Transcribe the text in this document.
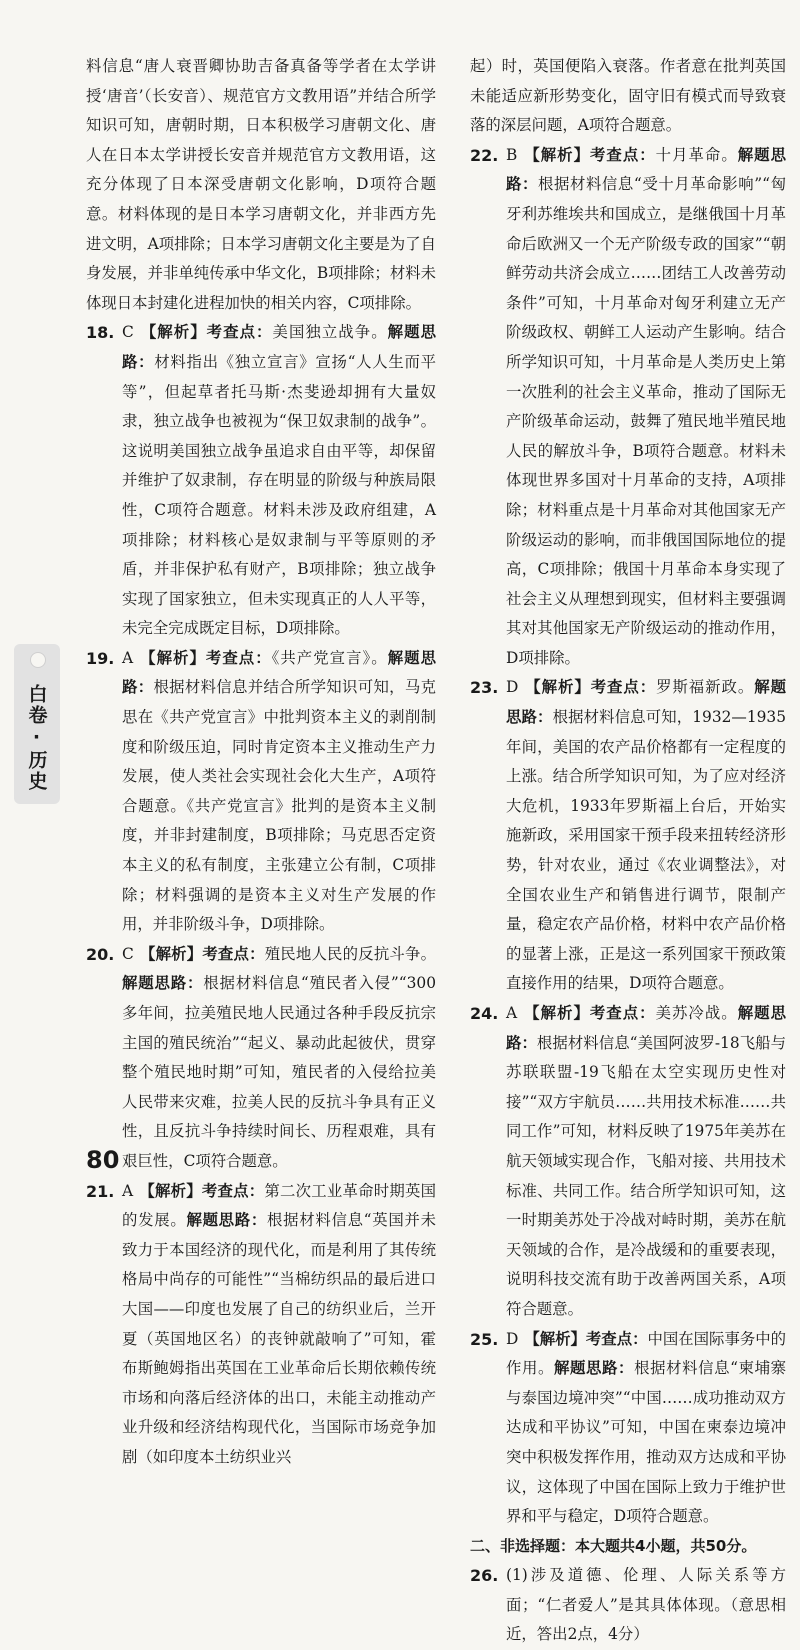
料信息“唐人衰晋卿协助吉备真备等学者在太学讲授‘唐音’（长安音）、规范官方文教用语”并结合所学知识可知，唐朝时期，日本积极学习唐朝文化、唐人在日本太学讲授长安音并规范官方文教用语，这充分体现了日本深受唐朝文化影响，D项符合题意。材料体现的是日本学习唐朝文化，并非西方先进文明，A项排除；日本学习唐朝文化主要是为了自身发展，并非单纯传承中华文化，B项排除；材料未体现日本封建化进程加快的相关内容，C项排除。

18. C 【解析】考查点：美国独立战争。解题思路：材料指出《独立宣言》宣扬“人人生而平等”，但起草者托马斯·杰斐逊却拥有大量奴隶，独立战争也被视为“保卫奴隶制的战争”。这说明美国独立战争虽追求自由平等，却保留并维护了奴隶制，存在明显的阶级与种族局限性，C项符合题意。材料未涉及政府组建，A项排除；材料核心是奴隶制与平等原则的矛盾，并非保护私有财产，B项排除；独立战争实现了国家独立，但未实现真正的人人平等，未完全完成既定目标，D项排除。
19. A 【解析】考查点：《共产党宣言》。解题思路：根据材料信息并结合所学知识可知，马克思在《共产党宣言》中批判资本主义的剥削制度和阶级压迫，同时肯定资本主义推动生产力发展，使人类社会实现社会化大生产，A项符合题意。《共产党宣言》批判的是资本主义制度，并非封建制度，B项排除；马克思否定资本主义的私有制度，主张建立公有制，C项排除；材料强调的是资本主义对生产发展的作用，并非阶级斗争，D项排除。
20. C 【解析】考查点：殖民地人民的反抗斗争。解题思路：根据材料信息“殖民者入侵”“300多年间，拉美殖民地人民通过各种手段反抗宗主国的殖民统治”“起义、暴动此起彼伏，贯穿整个殖民地时期”可知，殖民者的入侵给拉美人民带来灾难，拉美人民的反抗斗争具有正义性，且反抗斗争持续时间长、历程艰难，具有艰巨性，C项符合题意。
21. A 【解析】考查点：第二次工业革命时期英国的发展。解题思路：根据材料信息“英国并未致力于本国经济的现代化，而是利用了其传统格局中尚存的可能性”“当棉纺织品的最后进口大国——印度也发展了自己的纺织业后，兰开夏（英国地区名）的丧钟就敲响了”可知，霍布斯鲍姆指出英国在工业革命后长期依赖传统市场和向落后经济体的出口，未能主动推动产业升级和经济结构现代化，当国际市场竞争加剧（如印度本土纺织业兴

起）时，英国便陷入衰落。作者意在批判英国未能适应新形势变化，固守旧有模式而导致衰落的深层问题，A项符合题意。

22. B 【解析】考查点：十月革命。解题思路：根据材料信息“受十月革命影响”“匈牙利苏维埃共和国成立，是继俄国十月革命后欧洲又一个无产阶级专政的国家”“朝鲜劳动共济会成立……团结工人改善劳动条件”可知，十月革命对匈牙利建立无产阶级政权、朝鲜工人运动产生影响。结合所学知识可知，十月革命是人类历史上第一次胜利的社会主义革命，推动了国际无产阶级革命运动，鼓舞了殖民地半殖民地人民的解放斗争，B项符合题意。材料未体现世界多国对十月革命的支持，A项排除；材料重点是十月革命对其他国家无产阶级运动的影响，而非俄国国际地位的提高，C项排除；俄国十月革命本身实现了社会主义从理想到现实，但材料主要强调其对其他国家无产阶级运动的推动作用，D项排除。
23. D 【解析】考查点：罗斯福新政。解题思路：根据材料信息可知，1932—1935年间，美国的农产品价格都有一定程度的上涨。结合所学知识可知，为了应对经济大危机，1933年罗斯福上台后，开始实施新政，采用国家干预手段来扭转经济形势，针对农业，通过《农业调整法》，对全国农业生产和销售进行调节，限制产量，稳定农产品价格，材料中农产品价格的显著上涨，正是这一系列国家干预政策直接作用的结果，D项符合题意。
24. A 【解析】考查点：美苏冷战。解题思路：根据材料信息“美国阿波罗-18飞船与苏联联盟-19飞船在太空实现历史性对接”“双方宇航员……共用技术标准……共同工作”可知，材料反映了1975年美苏在航天领域实现合作，飞船对接、共用技术标准、共同工作。结合所学知识可知，这一时期美苏处于冷战对峙时期，美苏在航天领域的合作，是冷战缓和的重要表现，说明科技交流有助于改善两国关系，A项符合题意。
25. D 【解析】考查点：中国在国际事务中的作用。解题思路：根据材料信息“柬埔寨与泰国边境冲突”“中国……成功推动双方达成和平协议”可知，中国在柬泰边境冲突中积极发挥作用，推动双方达成和平协议，这体现了中国在国际上致力于维护世界和平与稳定，D项符合题意。
二、非选择题：本大题共4小题，共50分。
26. (1)涉及道德、伦理、人际关系等方面；“仁者爱人”是其具体体现。（意思相近，答出2点，4分）
白卷·历史
80
